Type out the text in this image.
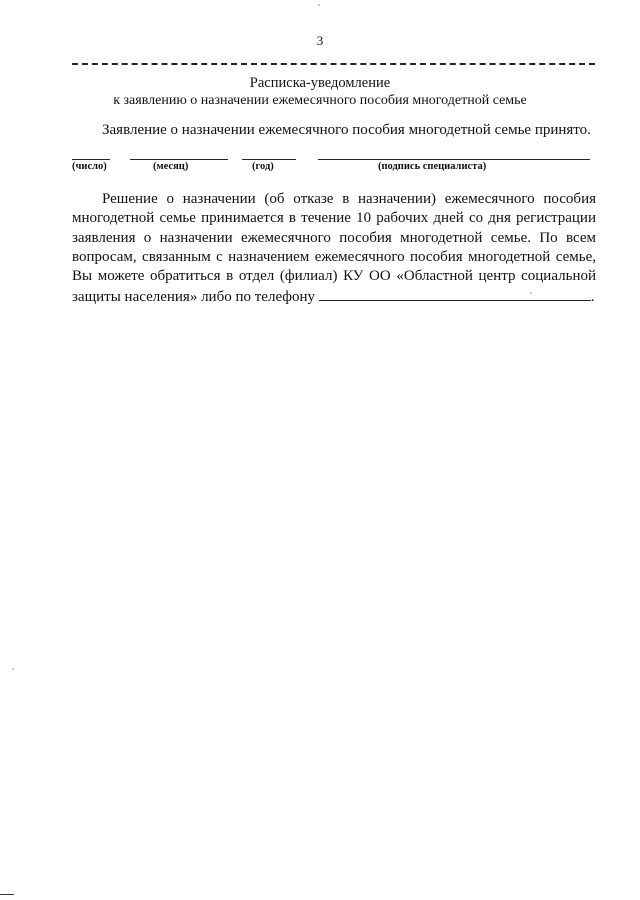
3
Расписка-уведомление
к заявлению о назначении ежемесячного пособия многодетной семье
Заявление о назначении ежемесячного пособия многодетной семье принято.
(число)	(месяц)	(год)	(подпись специалиста)

Решение о назначении (об отказе в назначении) ежемесячного пособия многодетной семье принимается в течение 10 рабочих дней со дня регистрации заявления о назначении ежемесячного пособия многодетной семье. По всем вопросам, связанным с назначением ежемесячного пособия многодетной семье, Вы можете обратиться в отдел (филиал) КУ ОО «Областной центр социальной защиты населения» либо по телефону	.
